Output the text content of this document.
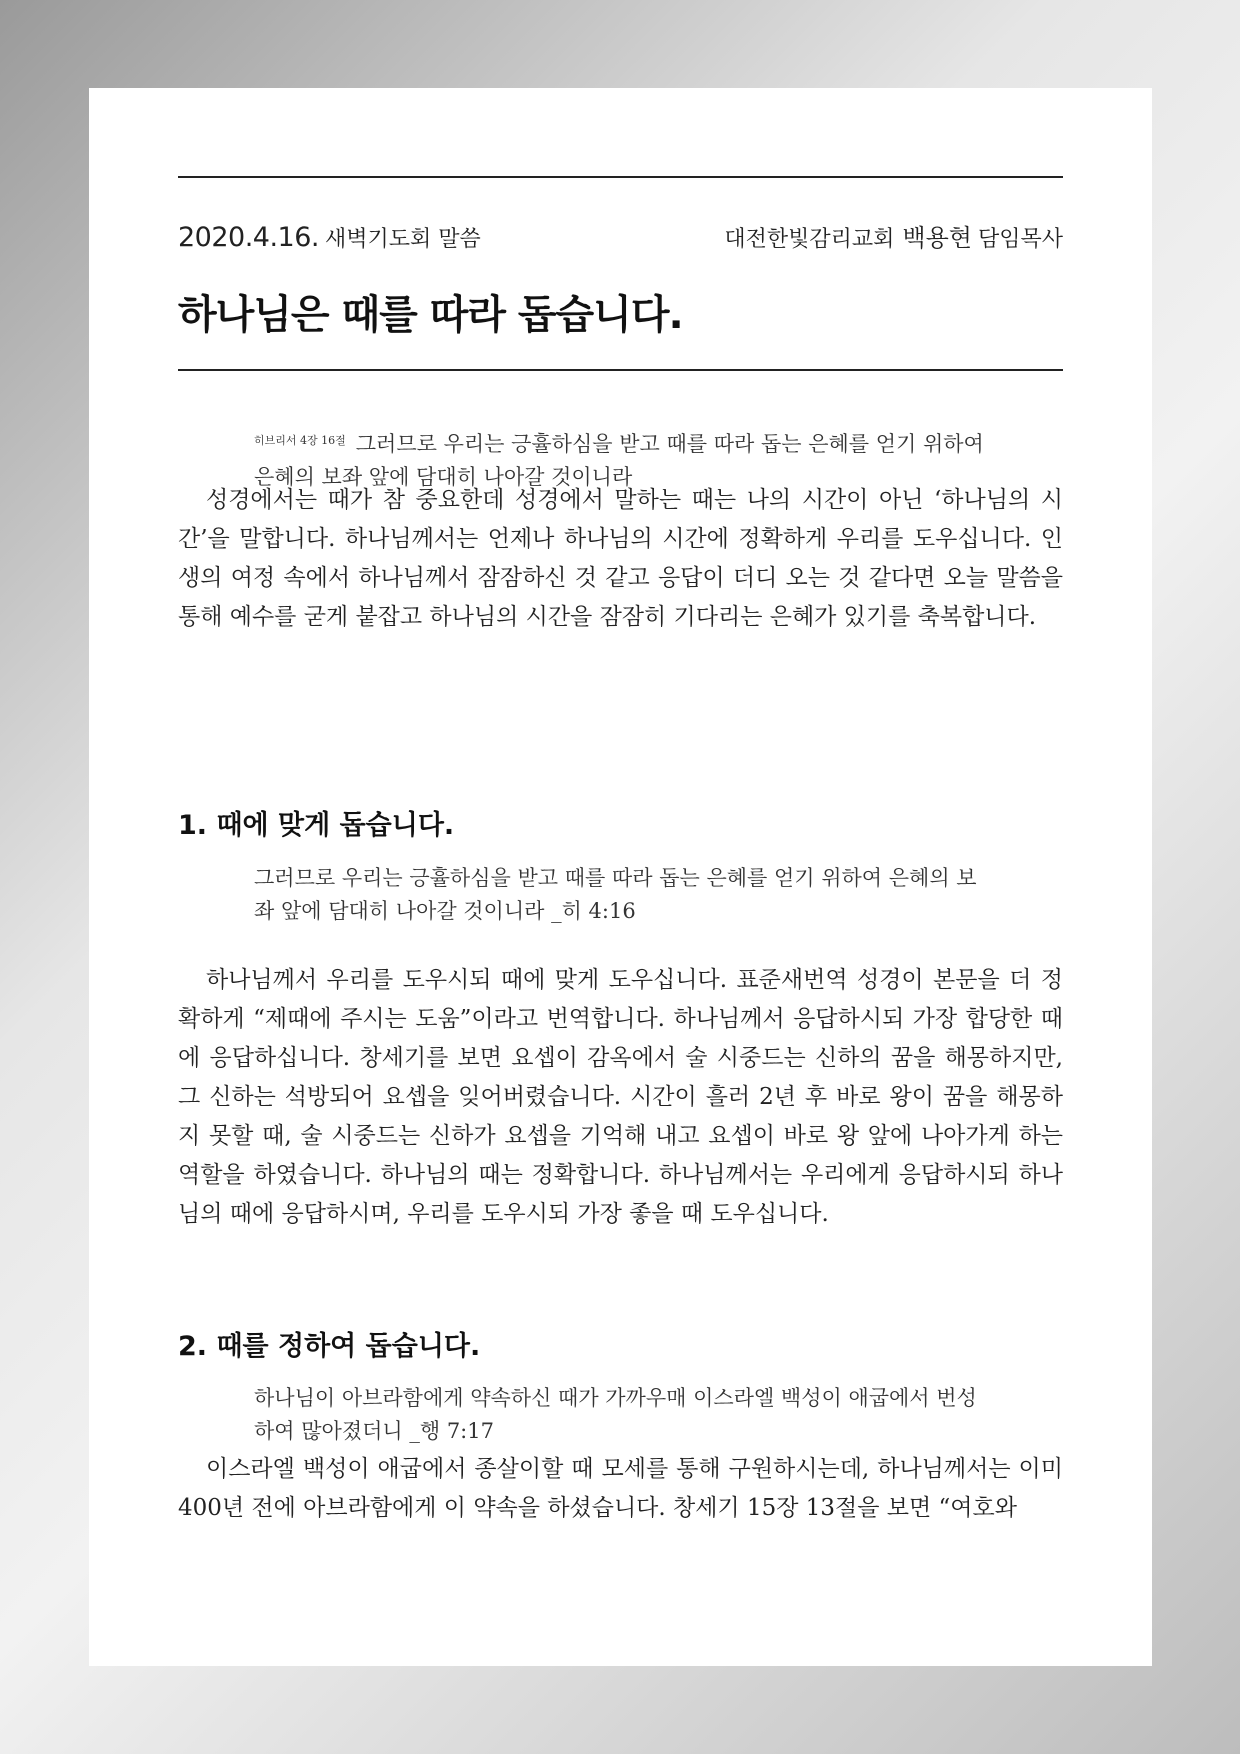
2020.4.16. 새벽기도회 말씀	대전한빛감리교회 백용현 담임목사
하나님은 때를 따라 돕습니다.
$^{히브리서 4장 16절}$ 그러므로 우리는 긍휼하심을 받고 때를 따라 돕는 은혜를 얻기 위하여 은혜의 보좌 앞에 담대히 나아갈 것이니라

성경에서는 때가 참 중요한데 성경에서 말하는 때는 나의 시간이 아닌 ‘하나님의 시간’을 말합니다. 하나님께서는 언제나 하나님의 시간에 정확하게 우리를 도우십니다. 인생의 여정 속에서 하나님께서 잠잠하신 것 같고 응답이 더디 오는 것 같다면 오늘 말씀을 통해 예수를 굳게 붙잡고 하나님의 시간을 잠잠히 기다리는 은혜가 있기를 축복합니다.

1. 때에 맞게 돕습니다.
그러므로 우리는 긍휼하심을 받고 때를 따라 돕는 은혜를 얻기 위하여 은혜의 보좌 앞에 담대히 나아갈 것이니라 _히 4:16

하나님께서 우리를 도우시되 때에 맞게 도우십니다. 표준새번역 성경이 본문을 더 정확하게 “제때에 주시는 도움”이라고 번역합니다. 하나님께서 응답하시되 가장 합당한 때에 응답하십니다. 창세기를 보면 요셉이 감옥에서 술 시중드는 신하의 꿈을 해몽하지만, 그 신하는 석방되어 요셉을 잊어버렸습니다. 시간이 흘러 2년 후 바로 왕이 꿈을 해몽하지 못할 때, 술 시중드는 신하가 요셉을 기억해 내고 요셉이 바로 왕 앞에 나아가게 하는 역할을 하였습니다. 하나님의 때는 정확합니다. 하나님께서는 우리에게 응답하시되 하나님의 때에 응답하시며, 우리를 도우시되 가장 좋을 때 도우십니다.

2. 때를 정하여 돕습니다.
하나님이 아브라함에게 약속하신 때가 가까우매 이스라엘 백성이 애굽에서 번성하여 많아졌더니 _행 7:17

이스라엘 백성이 애굽에서 종살이할 때 모세를 통해 구원하시는데, 하나님께서는 이미 400년 전에 아브라함에게 이 약속을 하셨습니다. 창세기 15장 13절을 보면 “여호와
